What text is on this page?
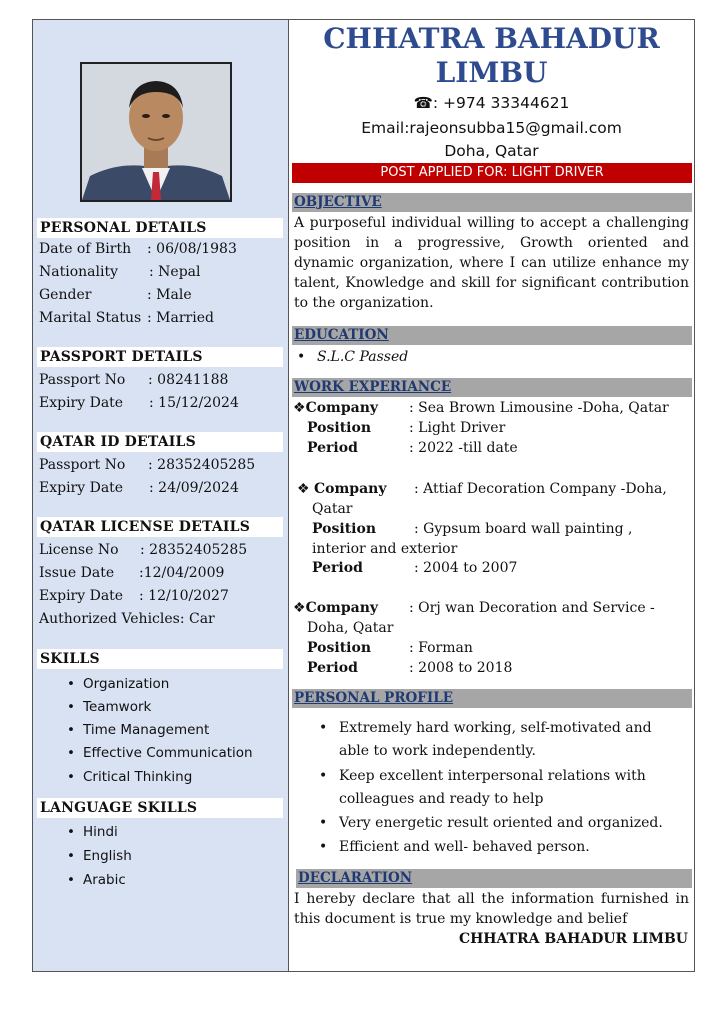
PERSONAL DETAILS
Date of Birth : 06/08/1983
Nationality : Nepal
Gender	: Male
Marital Status : Married
PASSPORT DETAILS
Passport No : 08241188
Expiry Date : 15/12/2024
QATAR ID DETAILS
Passport No : 28352405285
Expiry Date : 24/09/2024
QATAR LICENSE DETAILS
License No : 28352405285
Issue Date :12/04/2009
Expiry Date : 12/10/2027
Authorized Vehicles: Car
SKILLS
• Organization
• Teamwork
• Time Management
• Effective Communication
• Critical Thinking
LANGUAGE SKILLS
• Hindi
• English
• Arabic
CHHATRA BAHADUR
LIMBU
☎: +974 33344621
Email:rajeonsubba15@gmail.com
Doha, Qatar
POST APPLIED FOR: LIGHT DRIVER
OBJECTIVE
A purposeful individual willing to accept a challenging position in a progressive, Growth oriented and dynamic organization, where I can utilize enhance my talent, Knowledge and skill for significant contribution to the organization.
EDUCATION
• S.L.C Passed
WORK EXPERIANCE
❖Company : Sea Brown Limousine -Doha, Qatar
Position	: Light Driver
Period	: 2022 -till date
❖ Company : Attiaf Decoration Company -Doha,
Qatar
Position	: Gypsum board wall painting ,
interior and exterior
Period	: 2004 to 2007
❖Company : Orj wan Decoration and Service -
Doha, Qatar
Position	: Forman
Period	: 2008 to 2018
PERSONAL PROFILE
• Extremely hard working, self-motivated and able to work independently.
• Keep excellent interpersonal relations with colleagues and ready to help
• Very energetic result oriented and organized.
• Efficient and well- behaved person.
DECLARATION
I hereby declare that all the information furnished in this document is true my knowledge and belief
CHHATRA BAHADUR LIMBU
